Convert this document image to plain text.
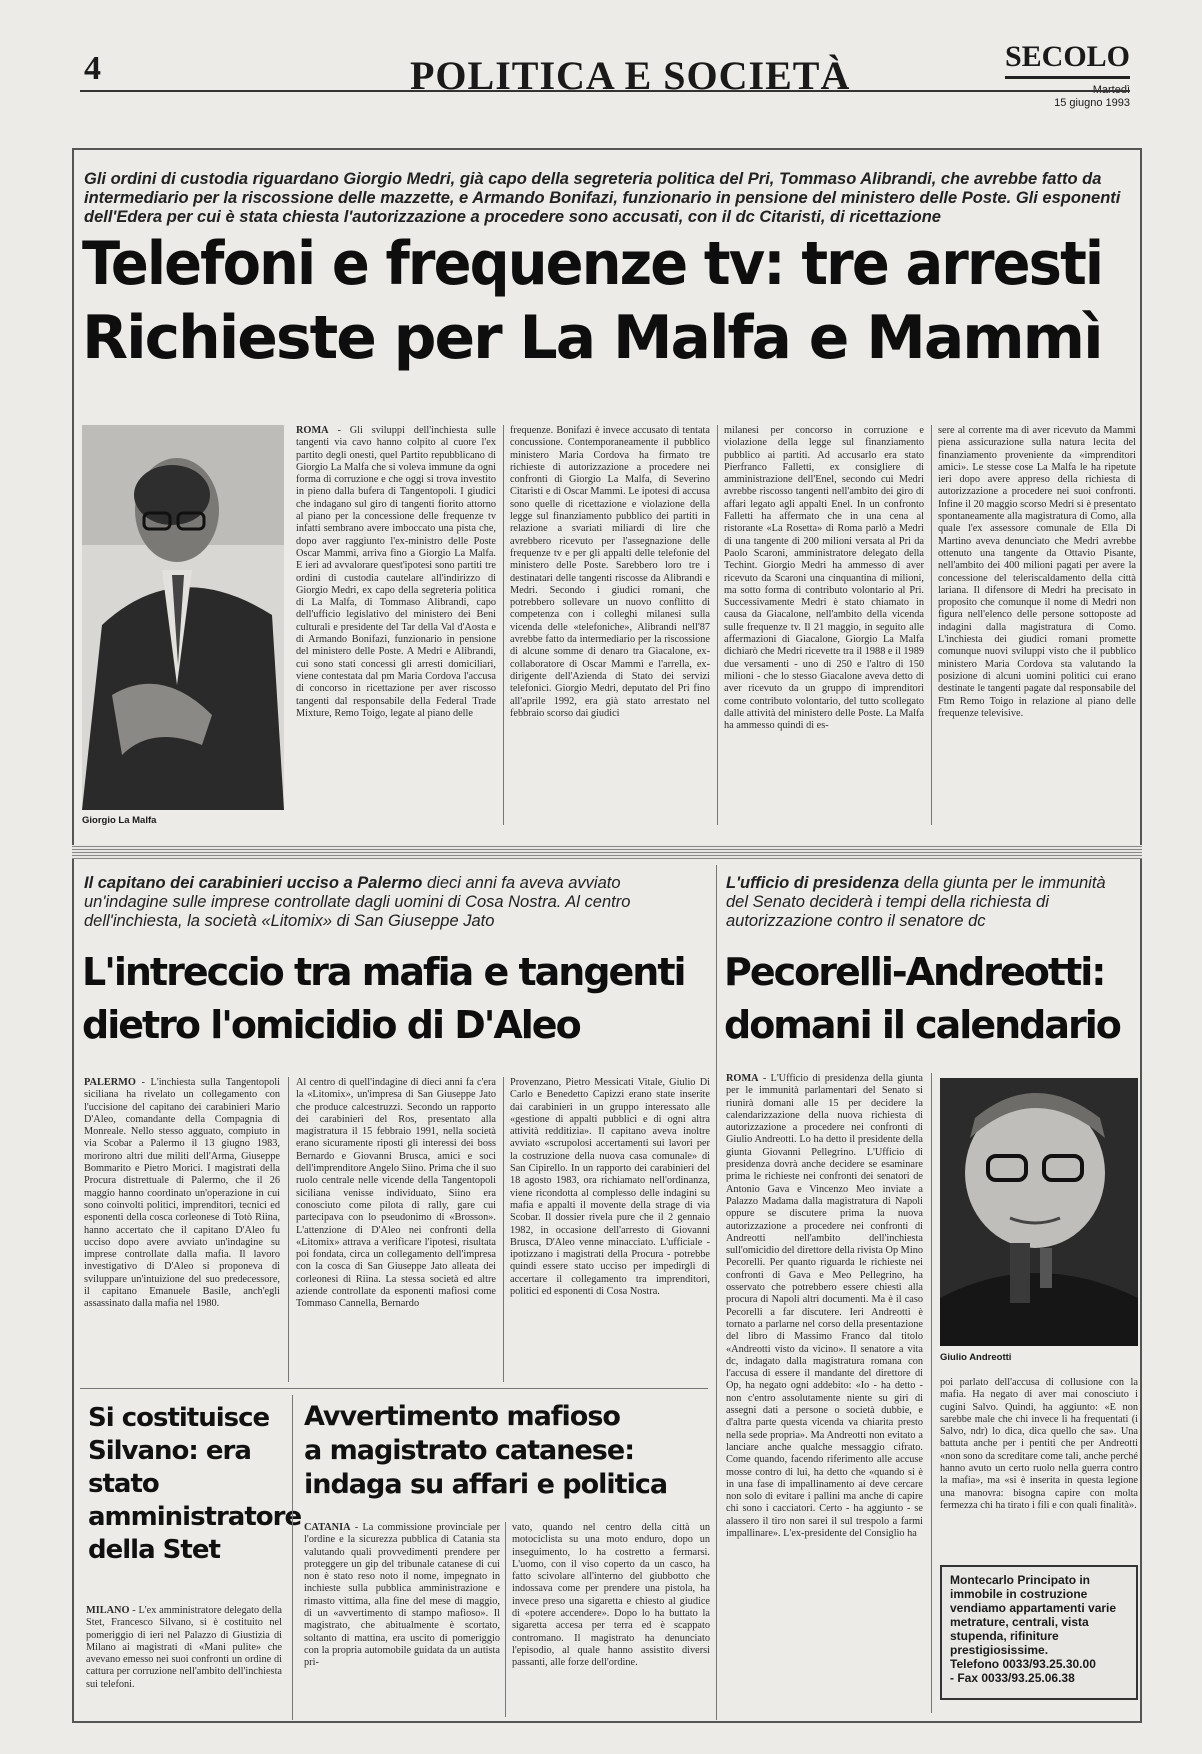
4	POLITICA E SOCIETÀ	SECOLO
Martedì
15 giugno 1993
Gli ordini di custodia riguardano Giorgio Medri, già capo della segreteria politica del Pri, Tommaso Alibrandi, che avrebbe fatto da intermediario per la riscossione delle mazzette, e Armando Bonifazi, funzionario in pensione del ministero delle Poste. Gli esponenti dell'Edera per cui è stata chiesta l'autorizzazione a procedere sono accusati, con il dc Citaristi, di ricettazione
Telefoni e frequenze tv: tre arresti
Richieste per La Malfa e Mammì
Giorgio La Malfa
ROMA - Gli sviluppi dell'inchiesta sulle tangenti via cavo hanno colpito al cuore l'ex partito degli onesti, quel Partito repubblicano di Giorgio La Malfa che si voleva immune da ogni forma di corruzione e che oggi si trova investito in pieno dalla bufera di Tangentopoli. I giudici che indagano sul giro di tangenti fiorito attorno al piano per la concessione delle frequenze tv infatti sembrano avere imboccato una pista che, dopo aver raggiunto l'ex-ministro delle Poste Oscar Mammì, arriva fino a Giorgio La Malfa. E ieri ad avvalorare quest'ipotesi sono partiti tre ordini di custodia cautelare all'indirizzo di Giorgio Medri, ex capo della segreteria politica di La Malfa, di Tommaso Alibrandi, capo dell'ufficio legislativo del ministero dei Beni culturali e presidente del Tar della Val d'Aosta e di Armando Bonifazi, funzionario in pensione del ministero delle Poste. A Medri e Alibrandi, cui sono stati concessi gli arresti domiciliari, viene contestata dal pm Maria Cordova l'accusa di concorso in ricettazione per aver riscosso tangenti dal responsabile della Federal Trade Mixture, Remo Toigo, legate al piano delle
frequenze. Bonifazi è invece accusato di tentata concussione. Contemporaneamente il pubblico ministero Maria Cordova ha firmato tre richieste di autorizzazione a procedere nei confronti di Giorgio La Malfa, di Severino Citaristi e di Oscar Mammì. Le ipotesi di accusa sono quelle di ricettazione e violazione della legge sul finanziamento pubblico dei partiti in relazione a svariati miliardi di lire che avrebbero ricevuto per l'assegnazione delle frequenze tv e per gli appalti delle telefonie del ministero delle Poste. Sarebbero loro tre i destinatari delle tangenti riscosse da Alibrandi e Medri. Secondo i giudici romani, che potrebbero sollevare un nuovo conflitto di competenza con i colleghi milanesi sulla vicenda delle «telefoniche», Alibrandi nell'87 avrebbe fatto da intermediario per la riscossione di alcune somme di denaro tra Giacalone, ex-collaboratore di Oscar Mammì e l'arrella, ex-dirigente dell'Azienda di Stato dei servizi telefonici. Giorgio Medri, deputato del Pri fino all'aprile 1992, era già stato arrestato nel febbraio scorso dai giudici
milanesi per concorso in corruzione e violazione della legge sul finanziamento pubblico ai partiti. Ad accusarlo era stato Pierfranco Falletti, ex consigliere di amministrazione dell'Enel, secondo cui Medri avrebbe riscosso tangenti nell'ambito dei giro di affari legato agli appalti Enel. In un confronto Falletti ha affermato che in una cena al ristorante «La Rosetta» di Roma parlò a Medri di una tangente di 200 milioni versata al Pri da Paolo Scaroni, amministratore delegato della Techint. Giorgio Medri ha ammesso di aver ricevuto da Scaroni una cinquantina di milioni, ma sotto forma di contributo volontario al Pri. Successivamente Medri è stato chiamato in causa da Giacalone, nell'ambito della vicenda sulle frequenze tv. Il 21 maggio, in seguito alle affermazioni di Giacalone, Giorgio La Malfa dichiarò che Medri ricevette tra il 1988 e il 1989 due versamenti - uno di 250 e l'altro di 150 milioni - che lo stesso Giacalone aveva detto di aver ricevuto da un gruppo di imprenditori come contributo volontario, del tutto scollegato dalle attività del ministero delle Poste. La Malfa ha ammesso quindi di es-
sere al corrente ma di aver ricevuto da Mammì piena assicurazione sulla natura lecita del finanziamento proveniente da «imprenditori amici». Le stesse cose La Malfa le ha ripetute ieri dopo avere appreso della richiesta di autorizzazione a procedere nei suoi confronti. Infine il 20 maggio scorso Medri si è presentato spontaneamente alla magistratura di Como, alla quale l'ex assessore comunale de Ella Di Martino aveva denunciato che Medri avrebbe ottenuto una tangente da Ottavio Pisante, nell'ambito dei 400 milioni pagati per avere la concessione del teleriscaldamento della città lariana. Il difensore di Medri ha precisato in proposito che comunque il nome di Medri non figura nell'elenco delle persone sottoposte ad indagini dalla magistratura di Como. L'inchiesta dei giudici romani promette comunque nuovi sviluppi visto che il pubblico ministero Maria Cordova sta valutando la posizione di alcuni uomini politici cui erano destinate le tangenti pagate dal responsabile del Ftm Remo Toigo in relazione al piano delle frequenze televisive.
Il capitano dei carabinieri ucciso a Palermo dieci anni fa aveva avviato un'indagine sulle imprese controllate dagli uomini di Cosa Nostra. Al centro dell'inchiesta, la società «Litomix» di San Giuseppe Jato
L'intreccio tra mafia e tangenti
dietro l'omicidio di D'Aleo
PALERMO - L'inchiesta sulla Tangentopoli siciliana ha rivelato un collegamento con l'uccisione del capitano dei carabinieri Mario D'Aleo, comandante della Compagnia di Monreale. Nello stesso agguato, compiuto in via Scobar a Palermo il 13 giugno 1983, morirono altri due militi dell'Arma, Giuseppe Bommarito e Pietro Morici. I magistrati della Procura distrettuale di Palermo, che il 26 maggio hanno coordinato un'operazione in cui sono coinvolti politici, imprenditori, tecnici ed esponenti della cosca corleonese di Totò Riina, hanno accertato che il capitano D'Aleo fu ucciso dopo avere avviato un'indagine su imprese controllate dalla mafia. Il lavoro investigativo di D'Aleo si proponeva di sviluppare un'intuizione del suo predecessore, il capitano Emanuele Basile, anch'egli assassinato dalla mafia nel 1980.
Al centro di quell'indagine di dieci anni fa c'era la «Litomix», un'impresa di San Giuseppe Jato che produce calcestruzzi. Secondo un rapporto dei carabinieri del Ros, presentato alla magistratura il 15 febbraio 1991, nella società erano sicuramente riposti gli interessi dei boss Bernardo e Giovanni Brusca, amici e soci dell'imprenditore Angelo Siino. Prima che il suo ruolo centrale nelle vicende della Tangentopoli siciliana venisse individuato, Siino era conosciuto come pilota di rally, gare cui partecipava con lo pseudonimo di «Brosson». L'attenzione di D'Aleo nei confronti della «Litomix» attrava a verificare l'ipotesi, risultata poi fondata, circa un collegamento dell'impresa con la cosca di San Giuseppe Jato alleata dei corleonesi di Riina. La stessa società ed altre aziende controllate da esponenti mafiosi come Tommaso Cannella, Bernardo
Provenzano, Pietro Messicati Vitale, Giulio Di Carlo e Benedetto Capizzi erano state inserite dai carabinieri in un gruppo interessato alle «gestione di appalti pubblici e di ogni altra attività redditizia». Il capitano aveva inoltre avviato «scrupolosi accertamenti sui lavori per la costruzione della nuova casa comunale» di San Cipirello. In un rapporto dei carabinieri del 18 agosto 1983, ora richiamato nell'ordinanza, viene ricondotta al complesso delle indagini su mafia e appalti il movente della strage di via Scobar. Il dossier rivela pure che il 2 gennaio 1982, in occasione dell'arresto di Giovanni Brusca, D'Aleo venne minacciato. L'ufficiale - ipotizzano i magistrati della Procura - potrebbe quindi essere stato ucciso per impedirgli di accertare il collegamento tra imprenditori, politici ed esponenti di Cosa Nostra.
L'ufficio di presidenza della giunta per le immunità del Senato deciderà i tempi della richiesta di autorizzazione contro il senatore dc
Pecorelli-Andreotti:
domani il calendario
ROMA - L'Ufficio di presidenza della giunta per le immunità parlamentari del Senato si riunirà domani alle 15 per decidere la calendarizzazione della nuova richiesta di autorizzazione a procedere nei confronti di Giulio Andreotti. Lo ha detto il presidente della giunta Giovanni Pellegrino. L'Ufficio di presidenza dovrà anche decidere se esaminare prima le richieste nei confronti dei senatori de Antonio Gava e Vincenzo Meo inviate a Palazzo Madama dalla magistratura di Napoli oppure se discutere prima la nuova autorizzazione a procedere nei confronti di Andreotti nell'ambito dell'inchiesta sull'omicidio del direttore della rivista Op Mino Pecorelli. Per quanto riguarda le richieste nei confronti di Gava e Meo Pellegrino, ha osservato che potrebbero essere chiesti alla procura di Napoli altri documenti. Ma è il caso Pecorelli a far discutere. Ieri Andreotti è tornato a parlarne nel corso della presentazione del libro di Massimo Franco dal titolo «Andreotti visto da vicino». Il senatore a vita dc, indagato dalla magistratura romana con l'accusa di essere il mandante del direttore di Op, ha negato ogni addebito: «Io - ha detto - non c'entro assolutamente niente su giri di assegni dati a persone o società dubbie, e d'altra parte questa vicenda va chiarita presto nella sede propria». Ma Andreotti non evitato a lanciare anche qualche messaggio cifrato. Come quando, facendo riferimento alle accuse mosse contro di lui, ha detto che «quando si è in una fase di impallinamento ai deve cercare non solo di evitare i pallini ma anche di capire chi sono i cacciatori. Certo - ha aggiunto - se alassero il tiro non sarei il sul trespolo a farmi impallinare». L'ex-presidente del Consiglio ha
Giulio Andreotti
poi parlato dell'accusa di collusione con la mafia. Ha negato di aver mai conosciuto i cugini Salvo. Quindi, ha aggiunto: «E non sarebbe male che chi invece li ha frequentati (i Salvo, ndr) lo dica, dica quello che sa». Una battuta anche per i pentiti che per Andreotti «non sono da screditare come tali, anche perché hanno avuto un certo ruolo nella guerra contro la mafia», ma «si è inserita in questa legione una manovra: bisogna capire con molta fermezza chi ha tirato i fili e con quali finalità».
Montecarlo Principato in immobile in costruzione vendiamo appartamenti varie metrature, centrali, vista stupenda, rifiniture prestigiosissime.
Telefono 0033/93.25.30.00
- Fax 0033/93.25.06.38
Si costituisce Silvano: era stato amministratore della Stet
MILANO - L'ex amministratore delegato della Stet, Francesco Silvano, si è costituito nel pomeriggio di ieri nel Palazzo di Giustizia di Milano ai magistrati di «Mani pulite» che avevano emesso nei suoi confronti un ordine di cattura per corruzione nell'ambito dell'inchiesta sui telefoni.
Avvertimento mafioso
a magistrato catanese:
indaga su affari e politica
CATANIA - La commissione provinciale per l'ordine e la sicurezza pubblica di Catania sta valutando quali provvedimenti prendere per proteggere un gip del tribunale catanese di cui non è stato reso noto il nome, impegnato in inchieste sulla pubblica amministrazione e rimasto vittima, alla fine del mese di maggio, di un «avvertimento di stampo mafioso». Il magistrato, che abitualmente è scortato, soltanto di mattina, era uscito di pomeriggio con la propria automobile guidata da un autista pri-
vato, quando nel centro della città un motociclista su una moto enduro, dopo un inseguimento, lo ha costretto a fermarsi. L'uomo, con il viso coperto da un casco, ha fatto scivolare all'interno del giubbotto che indossava come per prendere una pistola, ha invece preso una sigaretta e chiesto al giudice di «potere accendere». Dopo lo ha buttato la sigaretta accesa per terra ed è scappato contromano. Il magistrato ha denunciato l'episodio, al quale hanno assistito diversi passanti, alle forze dell'ordine.
